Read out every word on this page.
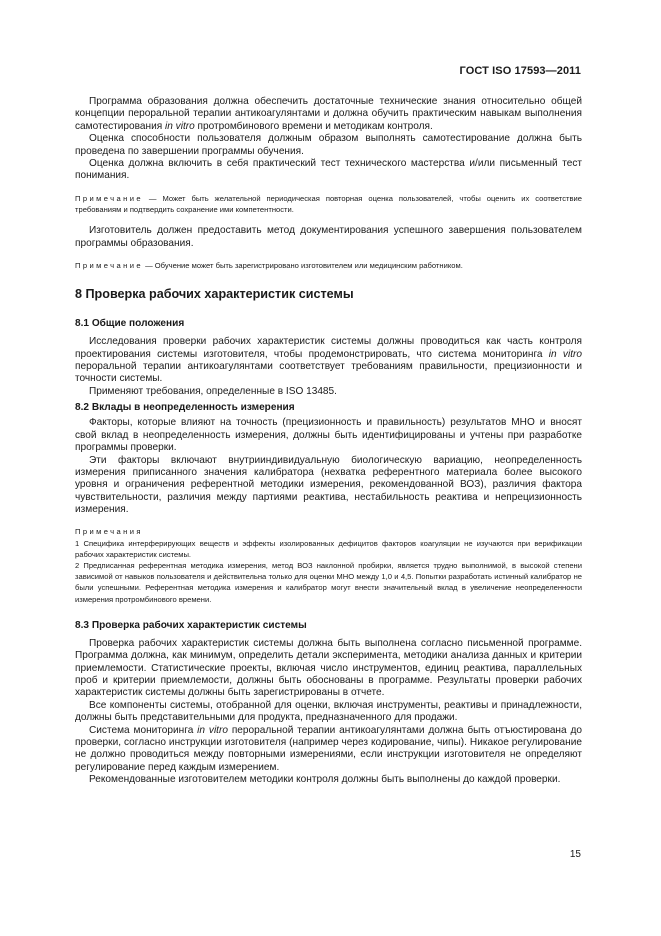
ГОСТ ISO 17593—2011

Программа образования должна обеспечить достаточные технические знания относительно общей концепции пероральной терапии антикоагулянтами и должна обучить практическим навыкам выполнения самотестирования in vitro протромбинового времени и методикам контроля.

Оценка способности пользователя должным образом выполнять самотестирование должна быть проведена по завершении программы обучения.

Оценка должна включить в себя практический тест технического мастерства и/или письменный тест понимания.

Примечание — Может быть желательной периодическая повторная оценка пользователей, чтобы оценить их соответствие требованиям и подтвердить сохранение ими компетентности.

Изготовитель должен предоставить метод документирования успешного завершения пользователем программы образования.

Примечание — Обучение может быть зарегистрировано изготовителем или медицинским работником.

8 Проверка рабочих характеристик системы
8.1 Общие положения

Исследования проверки рабочих характеристик системы должны проводиться как часть контроля проектирования системы изготовителя, чтобы продемонстрировать, что система мониторинга in vitro пероральной терапии антикоагулянтами соответствует требованиям правильности, прецизионности и точности системы.

Применяют требования, определенные в ISO 13485.

8.2 Вклады в неопределенность измерения

Факторы, которые влияют на точность (прецизионность и правильность) результатов МНО и вносят свой вклад в неопределенность измерения, должны быть идентифицированы и учтены при разработке программы проверки.

Эти факторы включают внутрииндивидуальную биологическую вариацию, неопределенность измерения приписанного значения калибратора (нехватка референтного материала более высокого уровня и ограничения референтной методики измерения, рекомендованной ВОЗ), различия фактора чувствительности, различия между партиями реактива, нестабильность реактива и непрецизионность измерения.

Примечания

1 Специфика интерферирующих веществ и эффекты изолированных дефицитов факторов коагуляции не изучаются при верификации рабочих характеристик системы.

2 Предписанная референтная методика измерения, метод ВОЗ наклонной пробирки, является трудно выполнимой, в высокой степени зависимой от навыков пользователя и действительна только для оценки МНО между 1,0 и 4,5. Попытки разработать истинный калибратор не были успешными. Референтная методика измерения и калибратор могут внести значительный вклад в увеличение неопределенности измерения протромбинового времени.

8.3 Проверка рабочих характеристик системы

Проверка рабочих характеристик системы должна быть выполнена согласно письменной программе. Программа должна, как минимум, определить детали эксперимента, методики анализа данных и критерии приемлемости. Статистические проекты, включая число инструментов, единиц реактива, параллельных проб и критерии приемлемости, должны быть обоснованы в программе. Результаты проверки рабочих характеристик системы должны быть зарегистрированы в отчете.

Все компоненты системы, отобранной для оценки, включая инструменты, реактивы и принадлежности, должны быть представительными для продукта, предназначенного для продажи.

Система мониторинга in vitro пероральной терапии антикоагулянтами должна быть отъюстирована до проверки, согласно инструкции изготовителя (например через кодирование, чипы). Никакое регулирование не должно проводиться между повторными измерениями, если инструкции изготовителя не определяют регулирование перед каждым измерением.

Рекомендованные изготовителем методики контроля должны быть выполнены до каждой проверки.

15
